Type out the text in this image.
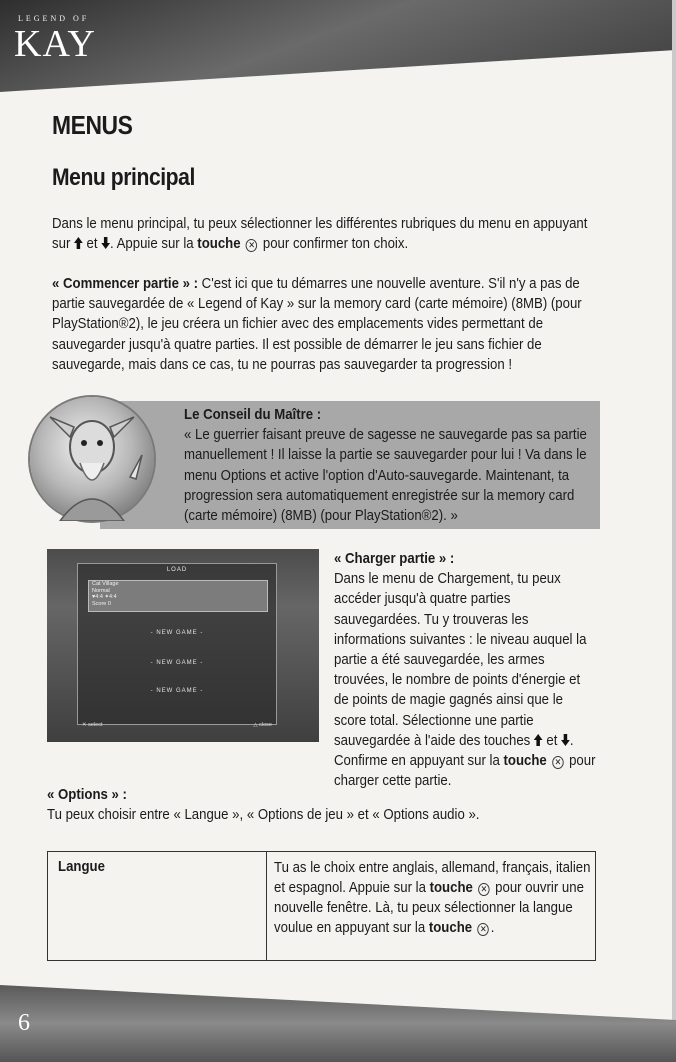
LEGEND OF
KAY
MENUS
Menu principal
Dans le menu principal, tu peux sélectionner les différentes rubriques du menu en appuyant sur et . Appuie sur la touche ✕ pour confirmer ton choix.
« Commencer partie » : C'est ici que tu démarres une nouvelle aventure. S'il n'y a pas de partie sauvegardée de « Legend of Kay » sur la memory card (carte mémoire) (8MB) (pour PlayStation®2), le jeu créera un fichier avec des emplacements vides permettant de sauvegarder jusqu'à quatre parties. Il est possible de démarrer le jeu sans fichier de sauvegarde, mais dans ce cas, tu ne pourras pas sauvegarder ta progression !
Le Conseil du Maître :
« Le guerrier faisant preuve de sagesse ne sauvegarde pas sa partie manuellement ! Il laisse la partie se sauvegarder pour lui ! Va dans le menu Options et active l'option d'Auto-sauvegarde. Maintenant, ta progression sera automatiquement enregistrée sur la memory card (carte mémoire) (8MB) (pour PlayStation®2). »
LOAD
Cat Village
Normal
♥4:4 ✦4:4
Score 0
- NEW GAME -
- NEW GAME -
- NEW GAME -
✕ select	△ close
« Charger partie » :
Dans le menu de Chargement, tu peux accéder jusqu'à quatre parties sauvegardées. Tu y trouveras les informations suivantes : le niveau auquel la partie a été sauvegardée, les armes trouvées, le nombre de points d'énergie et de points de magie gagnés ainsi que le score total. Sélectionne une partie sauvegardée à l'aide des touches et . Confirme en appuyant sur la touche ✕ pour charger cette partie.
« Options » :
Tu peux choisir entre « Langue », « Options de jeu » et « Options audio ».
Langue	Tu as le choix entre anglais, allemand, français, italien et espagnol. Appuie sur la touche ✕ pour ouvrir une nouvelle fenêtre. Là, tu peux sélectionner la langue voulue en appuyant sur la touche ✕ .
6
